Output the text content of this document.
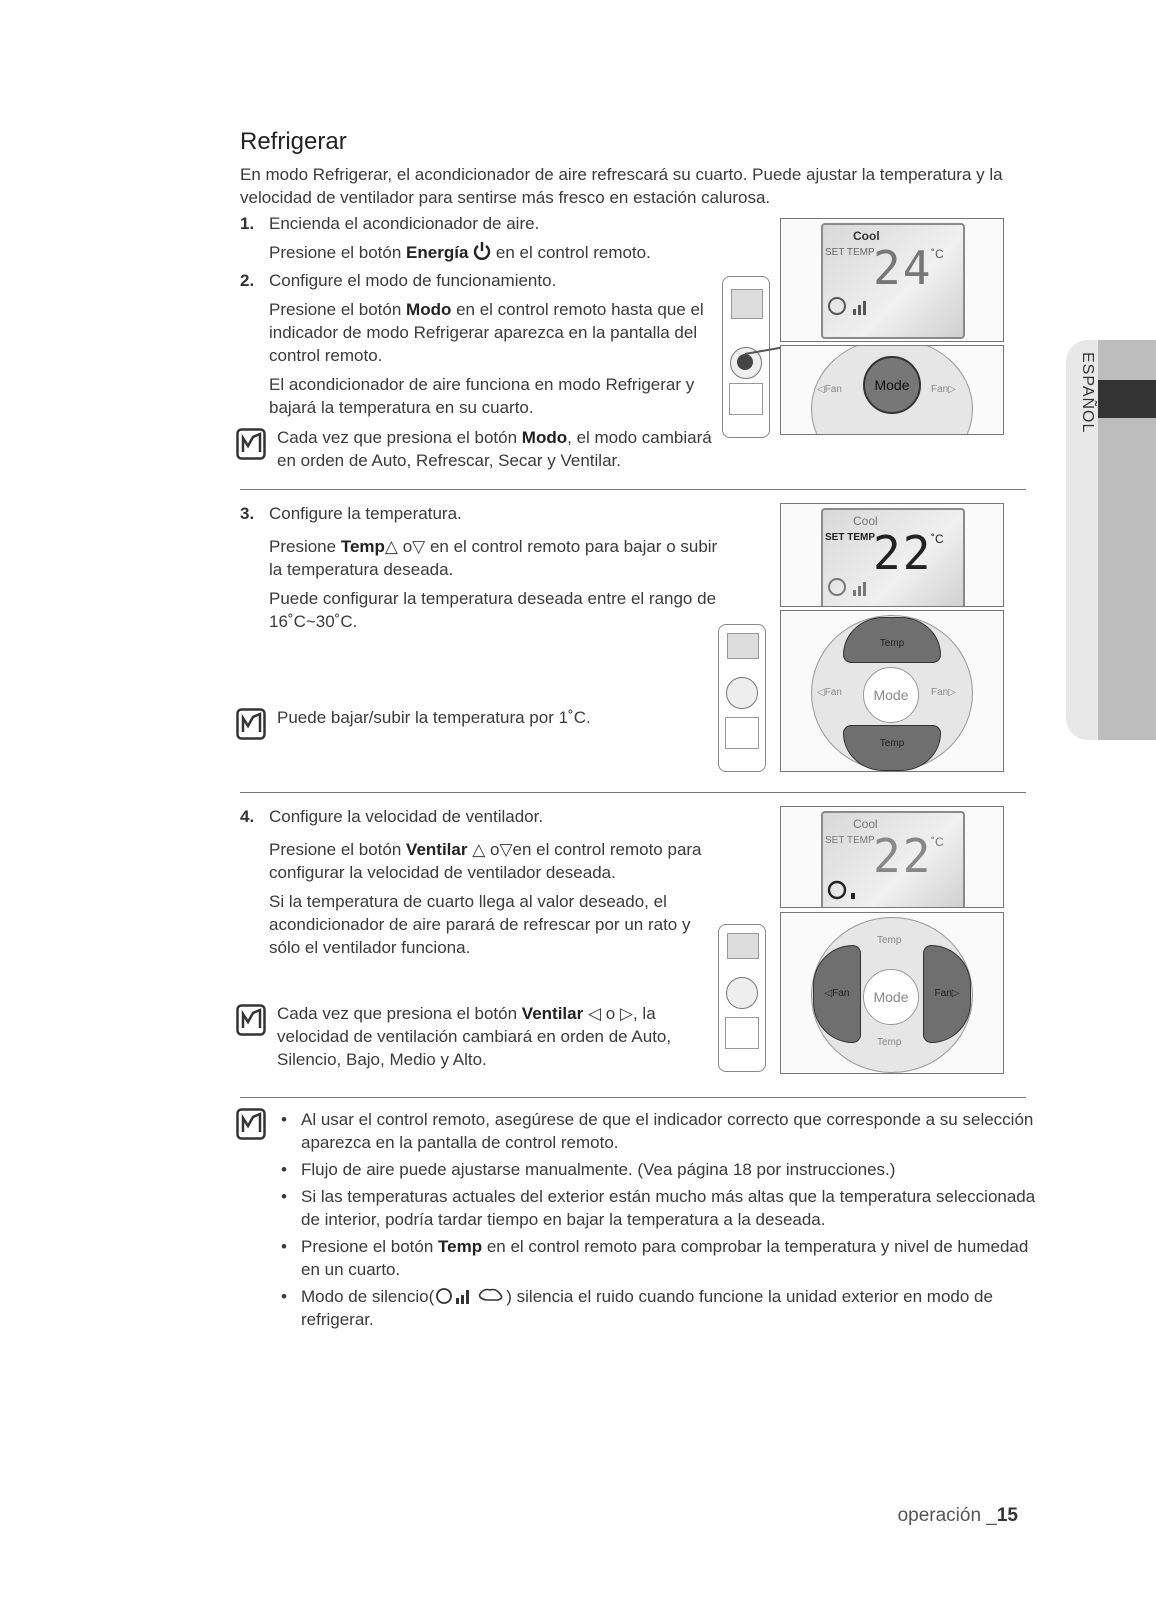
ESPAÑOL
Refrigerar

En modo Refrigerar, el acondicionador de aire refrescará su cuarto. Puede ajustar la temperatura y la velocidad de ventilador para sentirse más fresco en estación calurosa.

1. Encienda el acondicionador de aire.

Presione el botón Energía  en el control remoto.

2. Configure el modo de funcionamiento.

Presione el botón Modo en el control remoto hasta que el indicador de modo Refrigerar aparezca en la pantalla del control remoto.

El acondicionador de aire funciona en modo Refrigerar y bajará la temperatura en su cuarto.

Cada vez que presiona el botón Modo, el modo cambiará en orden de Auto, Refrescar, Secar y Ventilar.
3. Configure la temperatura.

Presione Temp△ o▽ en el control remoto para bajar o subir la temperatura deseada.

Puede configurar la temperatura deseada entre el rango de 16˚C~30˚C.

Puede bajar/subir la temperatura por 1˚C.
4. Configure la velocidad de ventilador.

Presione el botón Ventilar △ o▽en el control remoto para configurar la velocidad de ventilador deseada.

Si la temperatura de cuarto llega al valor deseado, el acondicionador de aire parará de refrescar por un rato y sólo el ventilador funciona.

Cada vez que presiona el botón Ventilar ◁ o ▷, la velocidad de ventilación cambiará en orden de Auto, Silencio, Bajo, Medio y Alto.
Cool
SET TEMP
24
˚C
Mode
◁Fan	Fan▷
Cool
SET TEMP
22
˚C
Temp
Mode
Temp
◁Fan	Fan▷
Cool
SET TEMP
22
˚C
◁Fan	Fan▷
Mode
Temp
Temp
• Al usar el control remoto, asegúrese de que el indicador correcto que corresponde a su selección aparezca en la pantalla de control remoto.
• Flujo de aire puede ajustarse manualmente. (Vea página 18 por instrucciones.)
• Si las temperaturas actuales del exterior están mucho más altas que la temperatura seleccionada de interior, podría tardar tiempo en bajar la temperatura a la deseada.
• Presione el botón Temp en el control remoto para comprobar la temperatura y nivel de humedad en un cuarto.
• Modo de silencio(	) silencia el ruido cuando funcione la unidad exterior en modo de refrigerar.
operación _15
